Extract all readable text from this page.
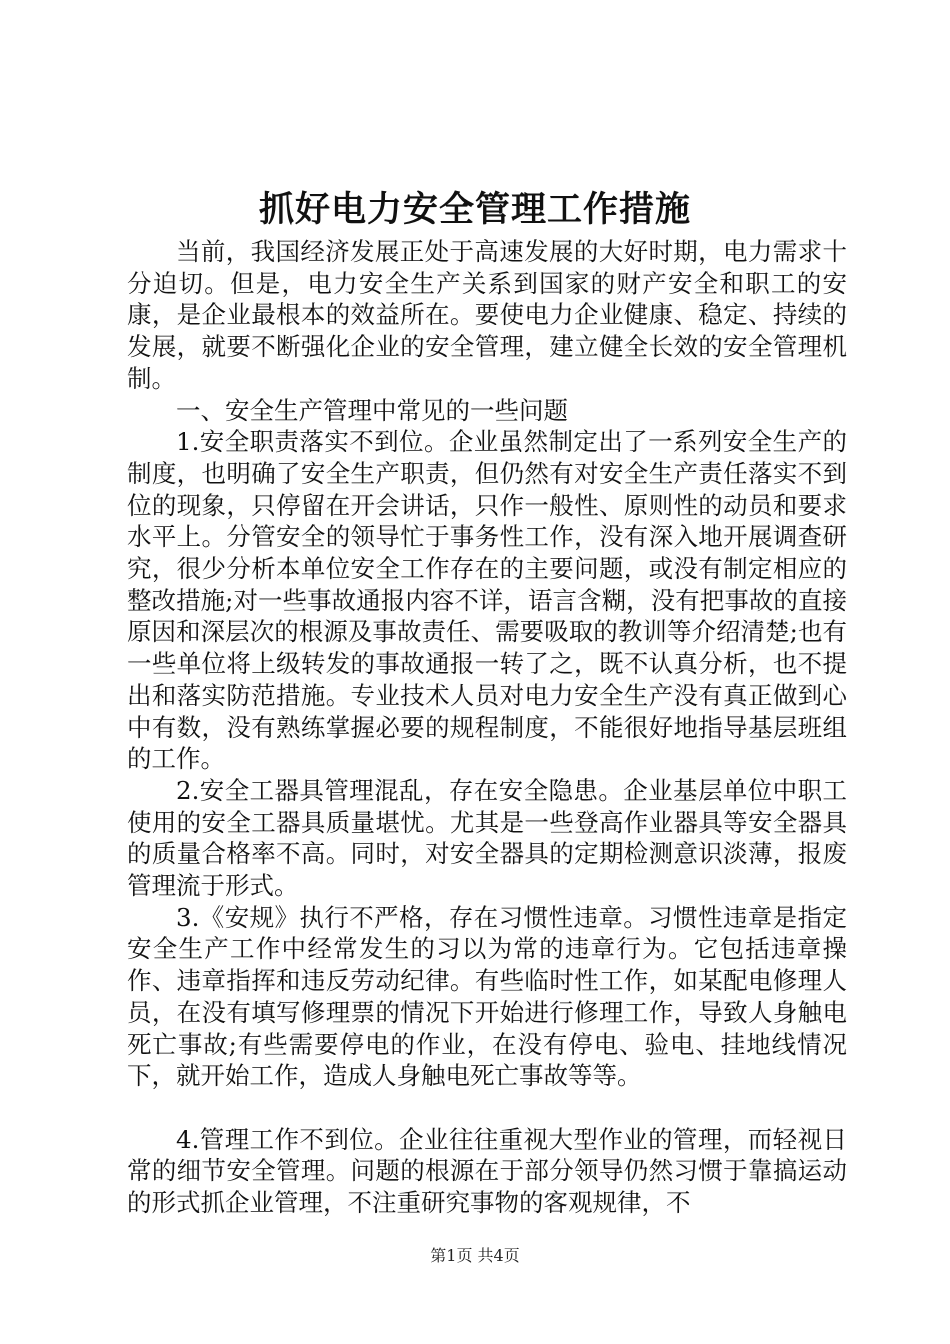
抓好电力安全管理工作措施

当前，我国经济发展正处于高速发展的大好时期，电力需求十分迫切。但是，电力安全生产关系到国家的财产安全和职工的安康，是企业最根本的效益所在。要使电力企业健康、稳定、持续的发展，就要不断强化企业的安全管理，建立健全长效的安全管理机制。

一、安全生产管理中常见的一些问题

1.安全职责落实不到位。企业虽然制定出了一系列安全生产的制度，也明确了安全生产职责，但仍然有对安全生产责任落实不到位的现象，只停留在开会讲话，只作一般性、原则性的动员和要求水平上。分管安全的领导忙于事务性工作，没有深入地开展调查研究，很少分析本单位安全工作存在的主要问题，或没有制定相应的整改措施;对一些事故通报内容不详，语言含糊，没有把事故的直接原因和深层次的根源及事故责任、需要吸取的教训等介绍清楚;也有一些单位将上级转发的事故通报一转了之，既不认真分析，也不提出和落实防范措施。专业技术人员对电力安全生产没有真正做到心中有数，没有熟练掌握必要的规程制度，不能很好地指导基层班组的工作。

2.安全工器具管理混乱，存在安全隐患。企业基层单位中职工使用的安全工器具质量堪忧。尤其是一些登高作业器具等安全器具的质量合格率不高。同时，对安全器具的定期检测意识淡薄，报废管理流于形式。

3.《安规》执行不严格，存在习惯性违章。习惯性违章是指定安全生产工作中经常发生的习以为常的违章行为。它包括违章操作、违章指挥和违反劳动纪律。有些临时性工作，如某配电修理人员，在没有填写修理票的情况下开始进行修理工作，导致人身触电死亡事故;有些需要停电的作业，在没有停电、验电、挂地线情况下，就开始工作，造成人身触电死亡事故等等。

4.管理工作不到位。企业往往重视大型作业的管理，而轻视日常的细节安全管理。问题的根源在于部分领导仍然习惯于靠搞运动的形式抓企业管理，不注重研究事物的客观规律，不

第1页 共4页
